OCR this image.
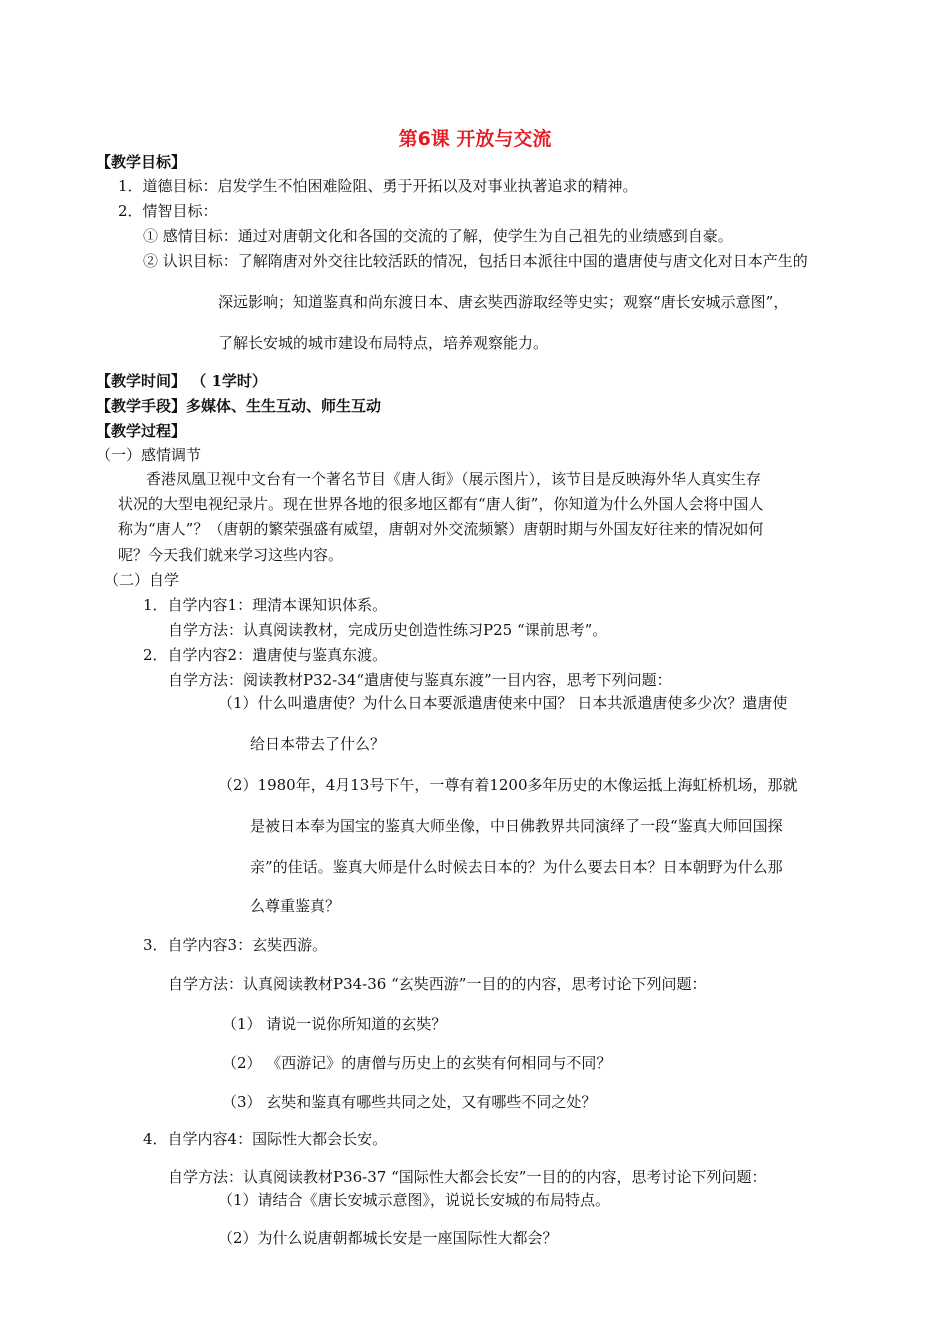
第6课 开放与交流
【教学目标】
1．道德目标：启发学生不怕困难险阻、勇于开拓以及对事业执著追求的精神。
2．情智目标：
① 感情目标：通过对唐朝文化和各国的交流的了解，使学生为自己祖先的业绩感到自豪。
② 认识目标：了解隋唐对外交往比较活跃的情况，包括日本派往中国的遣唐使与唐文化对日本产生的
深远影响；知道鉴真和尚东渡日本、唐玄奘西游取经等史实；观察“唐长安城示意图”，
了解长安城的城市建设布局特点，培养观察能力。
【教学时间】 （ 1学时）
【教学手段】多媒体、生生互动、师生互动
【教学过程】
（一）感情调节
香港凤凰卫视中文台有一个著名节目《唐人街》（展示图片），该节目是反映海外华人真实生存
状况的大型电视纪录片。现在世界各地的很多地区都有“唐人街”，你知道为什么外国人会将中国人
称为“唐人”？（唐朝的繁荣强盛有威望，唐朝对外交流频繁）唐朝时期与外国友好往来的情况如何
呢？今天我们就来学习这些内容。
（二）自学
1．自学内容1：理清本课知识体系。
自学方法：认真阅读教材，完成历史创造性练习P25 “课前思考”。
2．自学内容2：遣唐使与鉴真东渡。
自学方法：阅读教材P32-34“遣唐使与鉴真东渡”一目内容，思考下列问题：
（1）什么叫遣唐使？为什么日本要派遣唐使来中国？ 日本共派遣唐使多少次？遣唐使
给日本带去了什么？
（2）1980年，4月13号下午，一尊有着1200多年历史的木像运抵上海虹桥机场，那就
是被日本奉为国宝的鉴真大师坐像，中日佛教界共同演绎了一段“鉴真大师回国探
亲”的佳话。鉴真大师是什么时候去日本的？为什么要去日本？日本朝野为什么那
么尊重鉴真？
3．自学内容3：玄奘西游。
自学方法：认真阅读教材P34-36 “玄奘西游”一目的的内容，思考讨论下列问题：
（1） 请说一说你所知道的玄奘？
（2） 《西游记》的唐僧与历史上的玄奘有何相同与不同？
（3） 玄奘和鉴真有哪些共同之处，又有哪些不同之处？
4．自学内容4：国际性大都会长安。
自学方法：认真阅读教材P36-37 “国际性大都会长安”一目的的内容，思考讨论下列问题：
（1）请结合《唐长安城示意图》，说说长安城的布局特点。
（2）为什么说唐朝都城长安是一座国际性大都会？
